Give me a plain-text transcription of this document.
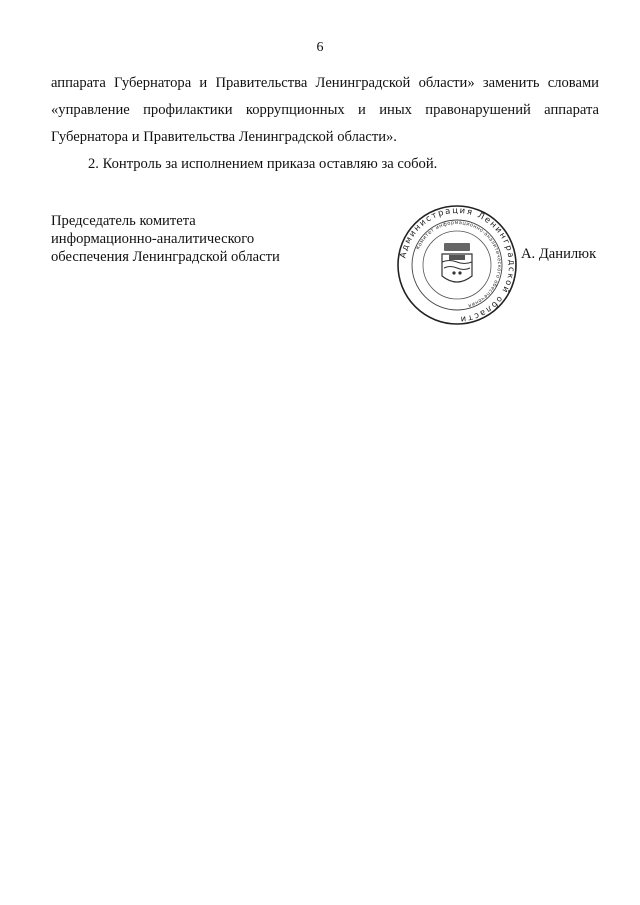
6

аппарата Губернатора и Правительства Ленинградской области» заменить словами «управление профилактики коррупционных и иных правонарушений аппарата Губернатора и Правительства Ленинградской области».

2. Контроль за исполнением приказа оставляю за собой.

Председатель комитета
информационно-аналитического
обеспечения Ленинградской области	Администрация Ленинградской области
Комитет информационно-аналитического обеспечения
А. Данилюк
